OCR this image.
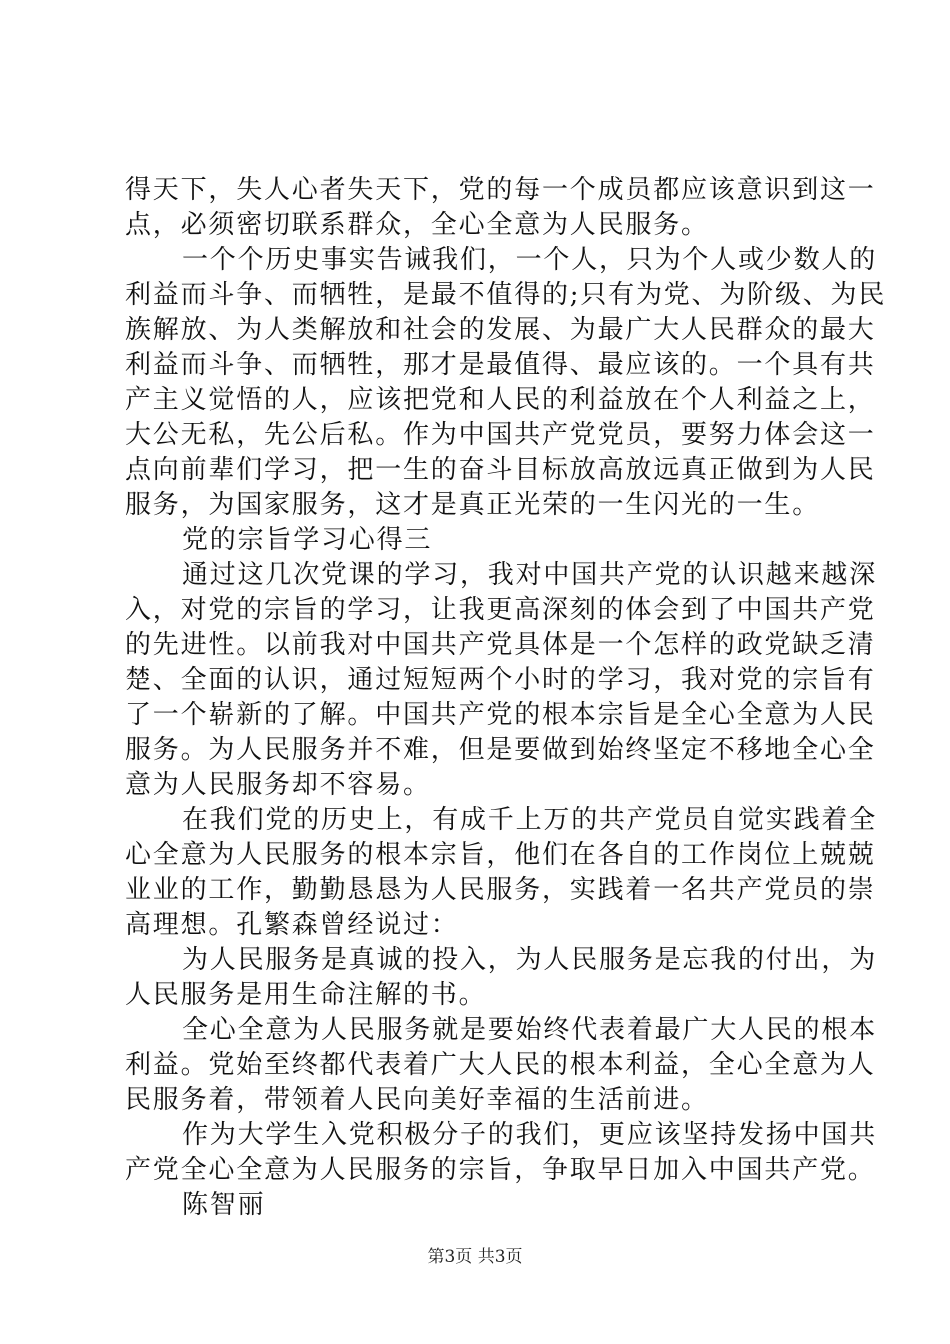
得天下，失人心者失天下，党的每一个成员都应该意识到这一
点，必须密切联系群众，全心全意为人民服务。
一个个历史事实告诫我们，一个人，只为个人或少数人的
利益而斗争、而牺牲，是最不值得的;只有为党、为阶级、为民
族解放、为人类解放和社会的发展、为最广大人民群众的最大
利益而斗争、而牺牲，那才是最值得、最应该的。一个具有共
产主义觉悟的人，应该把党和人民的利益放在个人利益之上，
大公无私，先公后私。作为中国共产党党员，要努力体会这一
点向前辈们学习，把一生的奋斗目标放高放远真正做到为人民
服务，为国家服务，这才是真正光荣的一生闪光的一生。
党的宗旨学习心得三
通过这几次党课的学习，我对中国共产党的认识越来越深
入，对党的宗旨的学习，让我更高深刻的体会到了中国共产党
的先进性。以前我对中国共产党具体是一个怎样的政党缺乏清
楚、全面的认识，通过短短两个小时的学习，我对党的宗旨有
了一个崭新的了解。中国共产党的根本宗旨是全心全意为人民
服务。为人民服务并不难，但是要做到始终坚定不移地全心全
意为人民服务却不容易。
在我们党的历史上，有成千上万的共产党员自觉实践着全
心全意为人民服务的根本宗旨，他们在各自的工作岗位上兢兢
业业的工作，勤勤恳恳为人民服务，实践着一名共产党员的崇
高理想。孔繁森曾经说过：
为人民服务是真诚的投入，为人民服务是忘我的付出，为
人民服务是用生命注解的书。
全心全意为人民服务就是要始终代表着最广大人民的根本
利益。党始至终都代表着广大人民的根本利益，全心全意为人
民服务着，带领着人民向美好幸福的生活前进。
作为大学生入党积极分子的我们，更应该坚持发扬中国共
产党全心全意为人民服务的宗旨，争取早日加入中国共产党。
陈智丽
第3页 共3页
